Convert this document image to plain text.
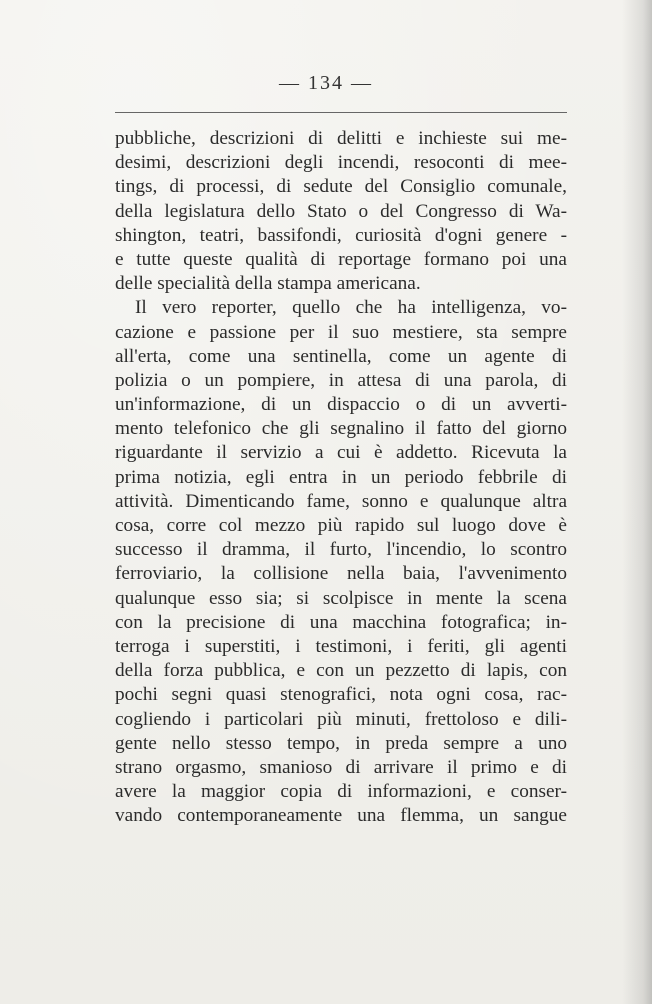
— 134 —
pubbliche, descrizioni di delitti e inchieste sui me-
desimi, descrizioni degli incendi, resoconti di mee-
tings, di processi, di sedute del Consiglio comunale,
della legislatura dello Stato o del Congresso di Wa-
shington, teatri, bassifondi, curiosità d'ogni genere -
e tutte queste qualità di reportage formano poi una
delle specialità della stampa americana.
Il vero reporter, quello che ha intelligenza, vo-
cazione e passione per il suo mestiere, sta sempre
all'erta, come una sentinella, come un agente di
polizia o un pompiere, in attesa di una parola, di
un'informazione, di un dispaccio o di un avverti-
mento telefonico che gli segnalino il fatto del giorno
riguardante il servizio a cui è addetto. Ricevuta la
prima notizia, egli entra in un periodo febbrile di
attività. Dimenticando fame, sonno e qualunque altra
cosa, corre col mezzo più rapido sul luogo dove è
successo il dramma, il furto, l'incendio, lo scontro
ferroviario, la collisione nella baia, l'avvenimento
qualunque esso sia; si scolpisce in mente la scena
con la precisione di una macchina fotografica; in-
terroga i superstiti, i testimoni, i feriti, gli agenti
della forza pubblica, e con un pezzetto di lapis, con
pochi segni quasi stenografici, nota ogni cosa, rac-
cogliendo i particolari più minuti, frettoloso e dili-
gente nello stesso tempo, in preda sempre a uno
strano orgasmo, smanioso di arrivare il primo e di
avere la maggior copia di informazioni, e conser-
vando contemporaneamente una flemma, un sangue
